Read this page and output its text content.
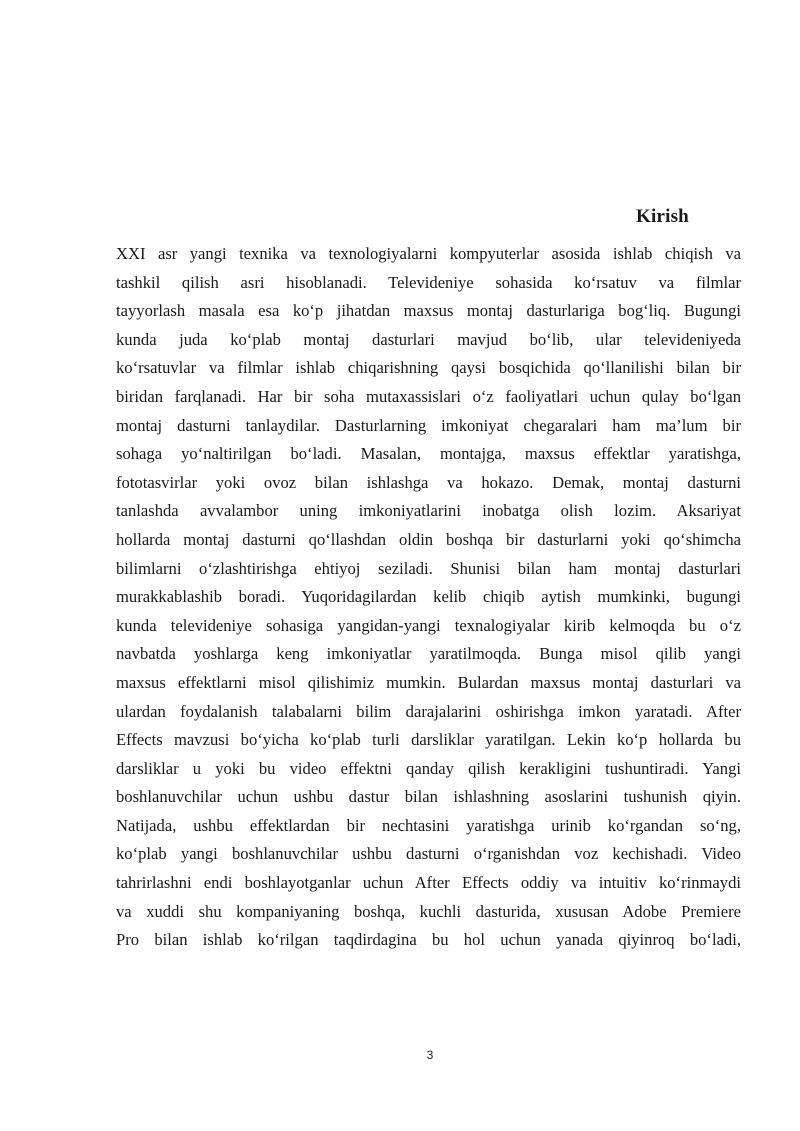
Kirish
XXI asr yangi texnika va texnologiyalarni kompyuterlar asosida ishlab chiqish va
tashkil qilish asri hisoblanadi. Televideniye sohasida ko‘rsatuv va filmlar
tayyorlash masala esa ko‘p jihatdan maxsus montaj dasturlariga bog‘liq. Bugungi
kunda juda ko‘plab montaj dasturlari mavjud bo‘lib, ular televideniyeda
ko‘rsatuvlar va filmlar ishlab chiqarishning qaysi bosqichida qo‘llanilishi bilan bir
biridan farqlanadi. Har bir soha mutaxassislari o‘z faoliyatlari uchun qulay bo‘lgan
montaj dasturni tanlaydilar. Dasturlarning imkoniyat chegaralari ham ma’lum bir
sohaga yo‘naltirilgan bo‘ladi. Masalan, montajga, maxsus effektlar yaratishga,
fototasvirlar yoki ovoz bilan ishlashga va hokazo. Demak, montaj dasturni
tanlashda avvalambor uning imkoniyatlarini inobatga olish lozim. Aksariyat
hollarda montaj dasturni qo‘llashdan oldin boshqa bir dasturlarni yoki qo‘shimcha
bilimlarni o‘zlashtirishga ehtiyoj seziladi. Shunisi bilan ham montaj dasturlari
murakkablashib boradi. Yuqoridagilardan kelib chiqib aytish mumkinki, bugungi
kunda televideniye sohasiga yangidan-yangi texnalogiyalar kirib kelmoqda bu o‘z
navbatda yoshlarga keng imkoniyatlar yaratilmoqda. Bunga misol qilib yangi
maxsus effektlarni misol qilishimiz mumkin. Bulardan maxsus montaj dasturlari va
ulardan foydalanish talabalarni bilim darajalarini oshirishga imkon yaratadi. After
Effects mavzusi bo‘yicha ko‘plab turli darsliklar yaratilgan. Lekin ko‘p hollarda bu
darsliklar u yoki bu video effektni qanday qilish kerakligini tushuntiradi. Yangi
boshlanuvchilar uchun ushbu dastur bilan ishlashning asoslarini tushunish qiyin.
Natijada, ushbu effektlardan bir nechtasini yaratishga urinib ko‘rgandan so‘ng,
ko‘plab yangi boshlanuvchilar ushbu dasturni o‘rganishdan voz kechishadi. Video
tahrirlashni endi boshlayotganlar uchun After Effects oddiy va intuitiv ko‘rinmaydi
va xuddi shu kompaniyaning boshqa, kuchli dasturida, xususan Adobe Premiere
Pro bilan ishlab ko‘rilgan taqdirdagina bu hol uchun yanada qiyinroq bo‘ladi,
3
